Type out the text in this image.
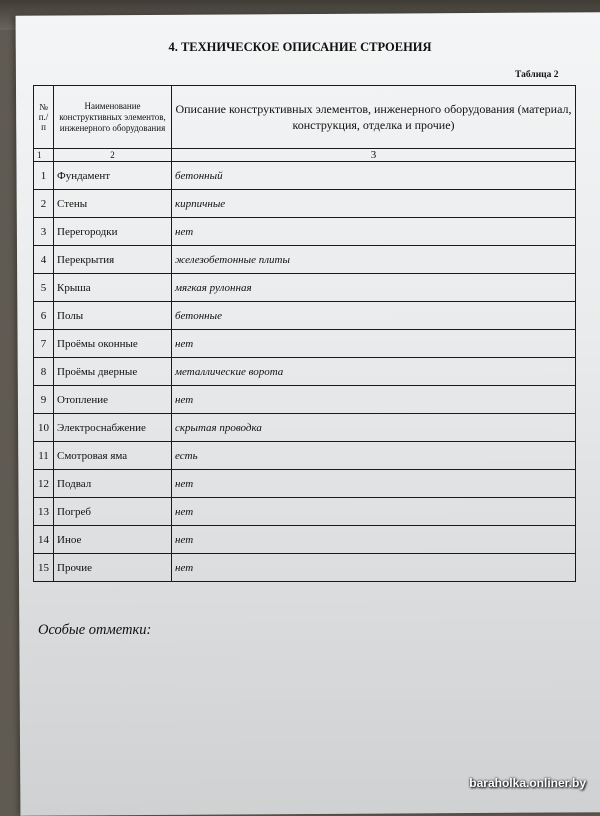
4. ТЕХНИЧЕСКОЕ ОПИСАНИЕ СТРОЕНИЯ
Таблица 2
№ п./п	Наименование конструктивных элементов, инженерного оборудования	Описание конструктивных элементов, инженерного оборудования (материал, конструкция, отделка и прочие)
1	2	3
1	Фундамент	бетонный
2	Стены	кирпичные
3	Перегородки	нет
4	Перекрытия	железобетонные плиты
5	Крыша	мягкая рулонная
6	Полы	бетонные
7	Проёмы оконные	нет
8	Проёмы дверные	металлические ворота
9	Отопление	нет
10	Электроснабжение	скрытая проводка
11	Смотровая яма	есть
12	Подвал	нет
13	Погреб	нет
14	Иное	нет
15	Прочие	нет
Особые отметки:
baraholka.onliner.by
